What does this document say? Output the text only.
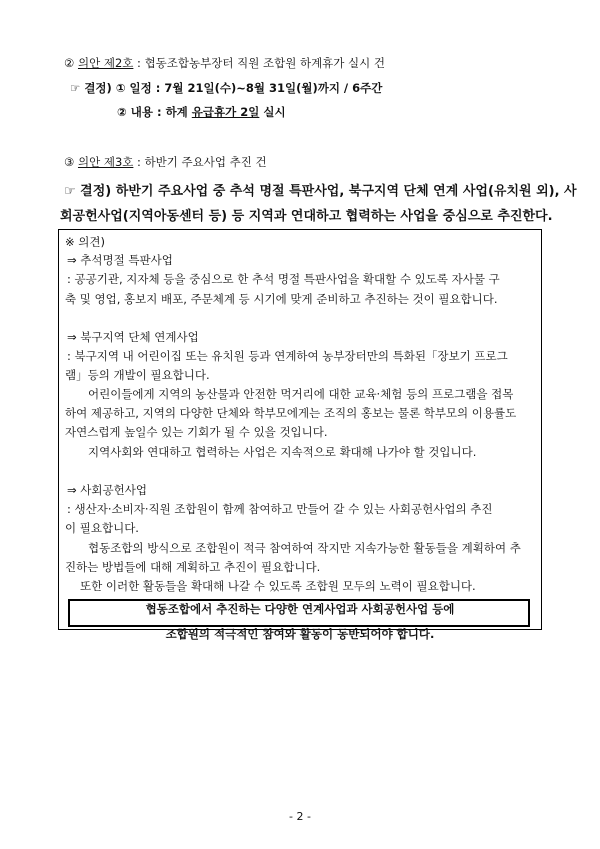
② 의안 제2호 : 협동조합농부장터 직원 조합원 하계휴가 실시 건
☞ 결정) ① 일정 : 7월 21일(수)~8월 31일(월)까지 / 6주간
② 내용 : 하계 유급휴가 2일 실시
③ 의안 제3호 : 하반기 주요사업 추진 건
☞ 결정) 하반기 주요사업 중 추석 명절 특판사업, 북구지역 단체 연계 사업(유치원 외), 사
회공헌사업(지역아동센터 등) 등 지역과 연대하고 협력하는 사업을 중심으로 추진한다.
※ 의견)
⇒ 추석명절 특판사업
: 공공기관, 지자체 등을 중심으로 한 추석 명절 특판사업을 확대할 수 있도록 자사물 구
축 및 영업, 홍보지 배포, 주문체계 등 시기에 맞게 준비하고 추진하는 것이 필요합니다.
⇒ 북구지역 단체 연계사업
: 북구지역 내 어린이집 또는 유치원 등과 연계하여 농부장터만의 특화된「장보기 프로그
램」등의 개발이 필요합니다.
어린이들에게 지역의 농산물과 안전한 먹거리에 대한 교육·체험 등의 프로그램을 접목
하여 제공하고, 지역의 다양한 단체와 학부모에게는 조직의 홍보는 물론 학부모의 이용률도
자연스럽게 높일수 있는 기회가 될 수 있을 것입니다.
지역사회와 연대하고 협력하는 사업은 지속적으로 확대해 나가야 할 것입니다.
⇒ 사회공헌사업
: 생산자·소비자·직원 조합원이 함께 참여하고 만들어 갈 수 있는 사회공헌사업의 추진
이 필요합니다.
협동조합의 방식으로 조합원이 적극 참여하여 작지만 지속가능한 활동들을 계획하여 추
진하는 방법들에 대해 계획하고 추진이 필요합니다.
또한 이러한 활동들을 확대해 나갈 수 있도록 조합원 모두의 노력이 필요합니다.
협동조합에서 추진하는 다양한 연계사업과 사회공헌사업 등에
조합원의 적극적인 참여와 활동이 동반되어야 합니다.
- 2 -
